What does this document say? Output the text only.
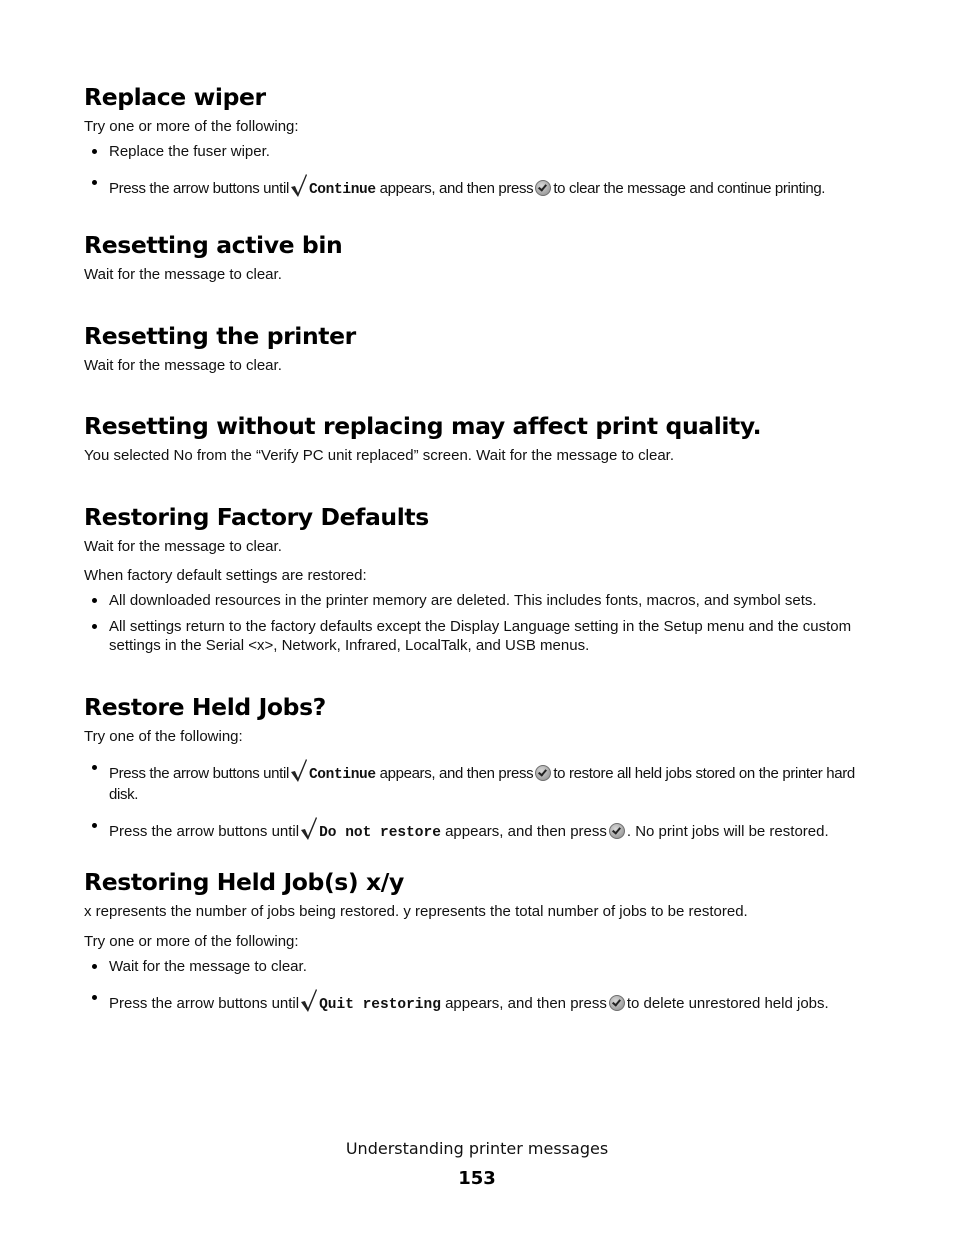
Replace wiper

Try one or more of the following:

Replace the fuser wiper.
Press the arrow buttons until Continue appears, and then press to clear the message and continue printing.
Resetting active bin

Wait for the message to clear.

Resetting the printer

Wait for the message to clear.

Resetting without replacing may affect print quality.

You selected No from the “Verify PC unit replaced” screen. Wait for the message to clear.

Restoring Factory Defaults

Wait for the message to clear.

When factory default settings are restored:

All downloaded resources in the printer memory are deleted. This includes fonts, macros, and symbol sets.
All settings return to the factory defaults except the Display Language setting in the Setup menu and the custom settings in the Serial <x>, Network, Infrared, LocalTalk, and USB menus.
Restore Held Jobs?

Try one of the following:

Press the arrow buttons until Continue appears, and then press to restore all held jobs stored on the printer hard disk.
Press the arrow buttons until Do not restore appears, and then press . No print jobs will be restored.
Restoring Held Job(s) x/y

x represents the number of jobs being restored. y represents the total number of jobs to be restored.

Try one or more of the following:

Wait for the message to clear.
Press the arrow buttons until Quit restoring appears, and then press to delete unrestored held jobs.
Understanding printer messages
153
